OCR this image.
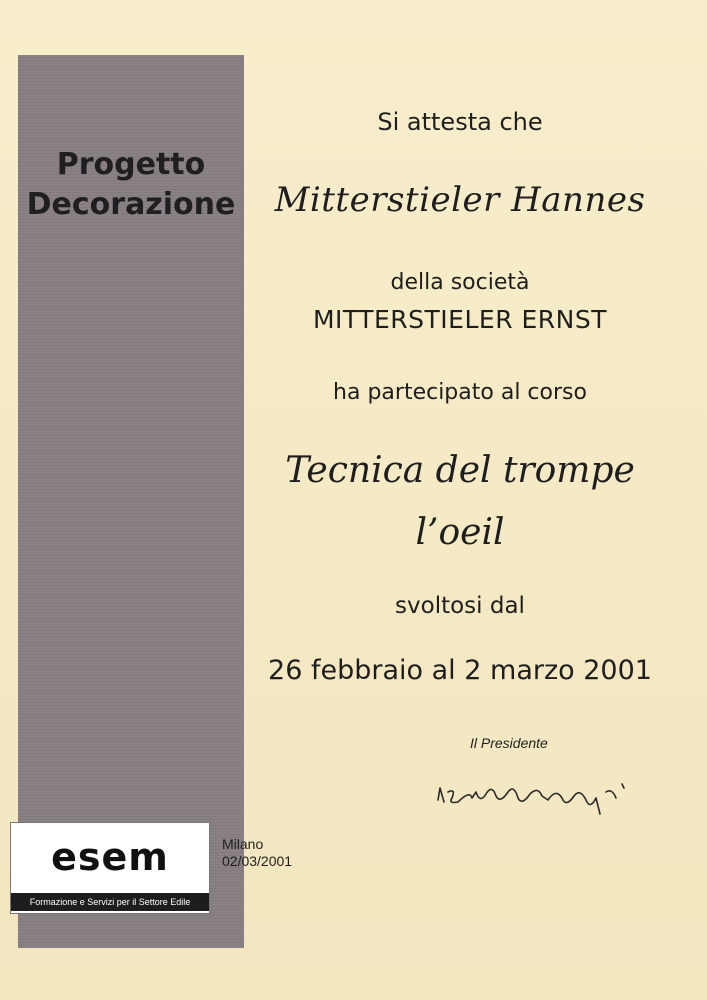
Progetto
Decorazione
esem
Formazione e Servizi per il Settore Edile
Si attesta che
Mitterstieler Hannes
della società
MITTERSTIELER ERNST
ha partecipato al corso
Tecnica del trompe
l’oeil
svoltosi dal
26 febbraio al 2 marzo 2001
Il Presidente
Milano
02/03/2001
